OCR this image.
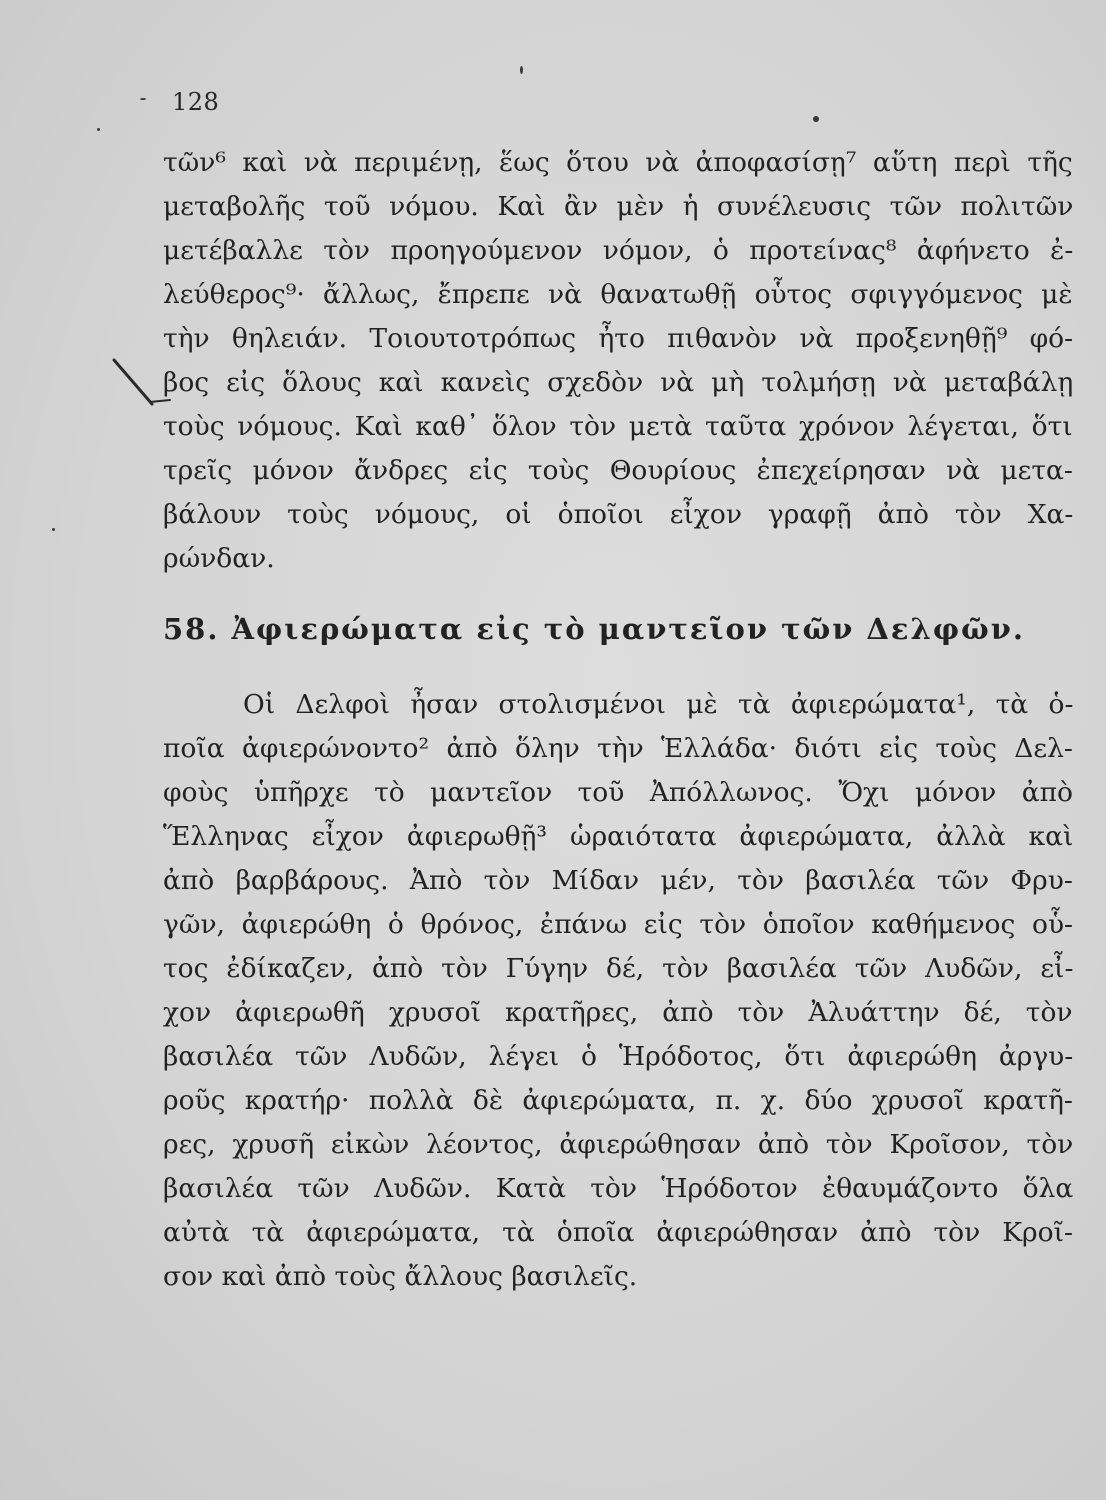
128
τῶν⁶ καὶ νὰ περιμένῃ, ἕως ὅτου νὰ ἀποφασίσῃ⁷ αὕτη περὶ τῆς
μεταβολῆς τοῦ νόμου. Καὶ ἂν μὲν ἡ συνέλευσις τῶν πολιτῶν
μετέβαλλε τὸν προηγούμενον νόμον, ὁ προτείνας⁸ ἀφήνετο ἐ-
λεύθερος⁹· ἄλλως, ἔπρεπε νὰ θανατωθῇ οὗτος σφιγγόμενος μὲ
τὴν θηλειάν. Τοιουτοτρόπως ἦτο πιθανὸν νὰ προξενηθῇ⁹ φό-
βος εἰς ὅλους καὶ κανεὶς σχεδὸν νὰ μὴ τολμήσῃ νὰ μεταβάλῃ
τοὺς νόμους. Καὶ καθ᾽ ὅλον τὸν μετὰ ταῦτα χρόνον λέγεται, ὅτι
τρεῖς μόνον ἄνδρες εἰς τοὺς Θουρίους ἐπεχείρησαν νὰ μετα-
βάλουν τοὺς νόμους, οἱ ὁποῖοι εἶχον γραφῇ ἀπὸ τὸν Χα-
ρώνδαν.
58. Ἀφιερώματα εἰς τὸ μαντεῖον τῶν Δελφῶν.
Οἱ Δελφοὶ ἦσαν στολισμένοι μὲ τὰ ἀφιερώματα¹, τὰ ὁ-
ποῖα ἀφιερώνοντο² ἀπὸ ὅλην τὴν Ἑλλάδα· διότι εἰς τοὺς Δελ-
φοὺς ὑπῆρχε τὸ μαντεῖον τοῦ Ἀπόλλωνος. Ὄχι μόνον ἀπὸ
Ἕλληνας εἶχον ἀφιερωθῇ³ ὡραιότατα ἀφιερώματα, ἀλλὰ καὶ
ἀπὸ βαρβάρους. Ἀπὸ τὸν Μίδαν μέν, τὸν βασιλέα τῶν Φρυ-
γῶν, ἀφιερώθη ὁ θρόνος, ἐπάνω εἰς τὸν ὁποῖον καθήμενος οὗ-
τος ἐδίκαζεν, ἀπὸ τὸν Γύγην δέ, τὸν βασιλέα τῶν Λυδῶν, εἶ-
χον ἀφιερωθῆ χρυσοῖ κρατῆρες, ἀπὸ τὸν Ἀλυάττην δέ, τὸν
βασιλέα τῶν Λυδῶν, λέγει ὁ Ἡρόδοτος, ὅτι ἀφιερώθη ἀργυ-
ροῦς κρατήρ· πολλὰ δὲ ἀφιερώματα, π. χ. δύο χρυσοῖ κρατῆ-
ρες, χρυσῆ εἰκὼν λέοντος, ἀφιερώθησαν ἀπὸ τὸν Κροῖσον, τὸν
βασιλέα τῶν Λυδῶν. Κατὰ τὸν Ἡρόδοτον ἐθαυμάζοντο ὅλα
αὐτὰ τὰ ἀφιερώματα, τὰ ὁποῖα ἀφιερώθησαν ἀπὸ τὸν Κροῖ-
σον καὶ ἀπὸ τοὺς ἄλλους βασιλεῖς.
